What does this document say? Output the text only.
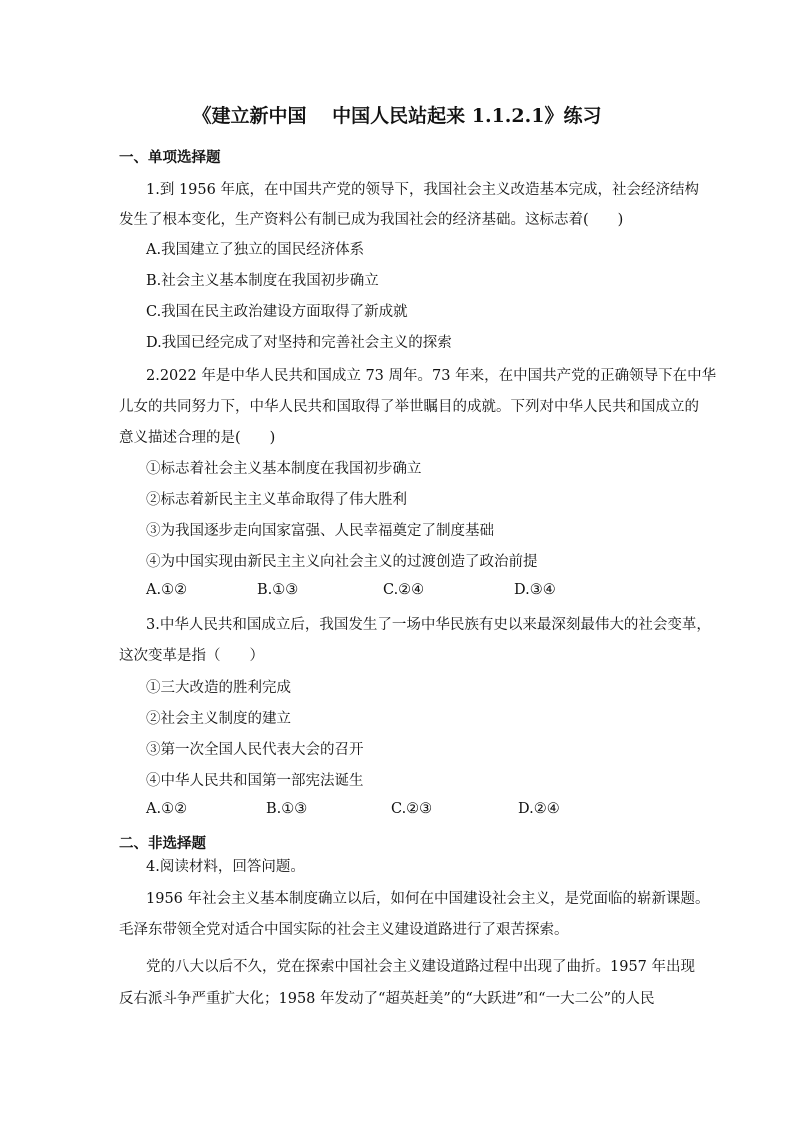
《建立新中国　 中国人民站起来 1.1.2.1》练习
一、单项选择题
1.到 1956 年底，在中国共产党的领导下，我国社会主义改造基本完成，社会经济结构
发生了根本变化，生产资料公有制已成为我国社会的经济基础。这标志着(　　)
A.我国建立了独立的国民经济体系
B.社会主义基本制度在我国初步确立
C.我国在民主政治建设方面取得了新成就
D.我国已经完成了对坚持和完善社会主义的探索
2.2022 年是中华人民共和国成立 73 周年。73 年来，在中国共产党的正确领导下在中华
儿女的共同努力下，中华人民共和国取得了举世瞩目的成就。下列对中华人民共和国成立的
意义描述合理的是(　　)
①标志着社会主义基本制度在我国初步确立
②标志着新民主主义革命取得了伟大胜利
③为我国逐步走向国家富强、人民幸福奠定了制度基础
④为中国实现由新民主主义向社会主义的过渡创造了政治前提
A.①②	B.①③	C.②④	D.③④
3.中华人民共和国成立后，我国发生了一场中华民族有史以来最深刻最伟大的社会变革，
这次变革是指（　　）
①三大改造的胜利完成
②社会主义制度的建立
③第一次全国人民代表大会的召开
④中华人民共和国第一部宪法诞生
A.①②	B.①③	C.②③	D.②④
二、非选择题
4.阅读材料，回答问题。
1956 年社会主义基本制度确立以后，如何在中国建设社会主义，是党面临的崭新课题。
毛泽东带领全党对适合中国实际的社会主义建设道路进行了艰苦探索。
党的八大以后不久，党在探索中国社会主义建设道路过程中出现了曲折。1957 年出现
反右派斗争严重扩大化；1958 年发动了“超英赶美”的“大跃进”和“一大二公”的人民
